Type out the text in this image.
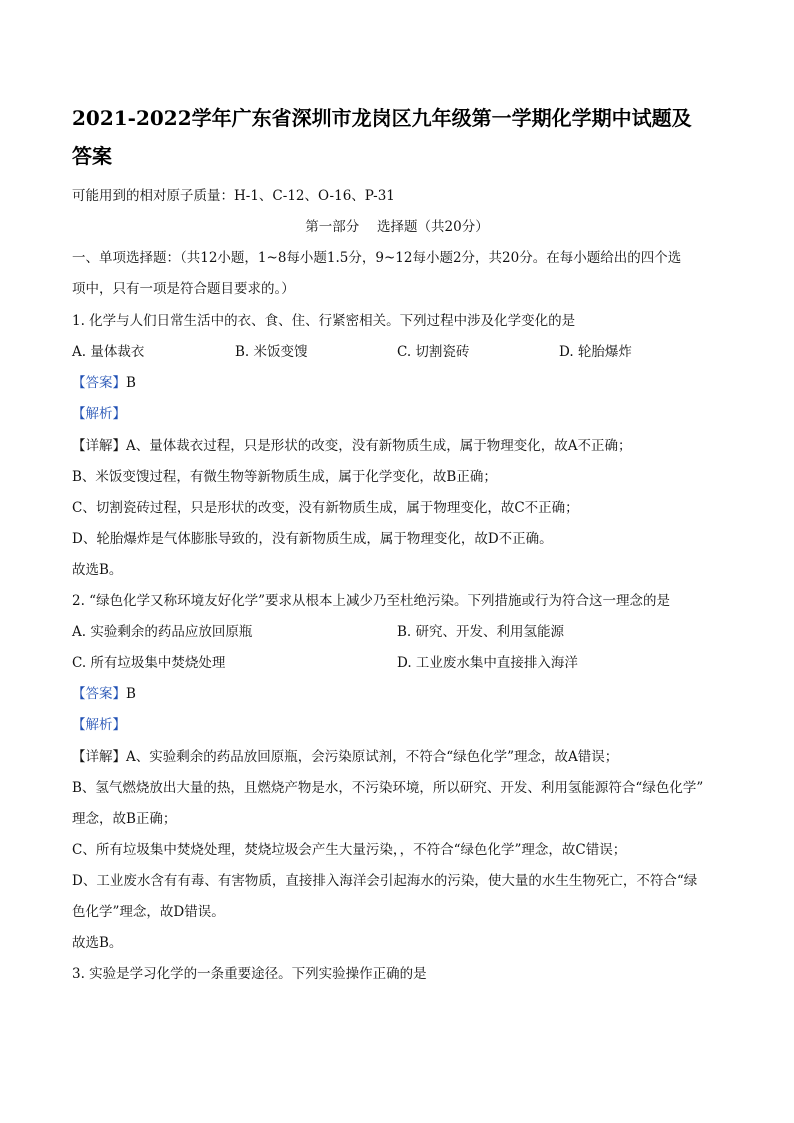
2021-2022学年广东省深圳市龙岗区九年级第一学期化学期中试题及
答案
可能用到的相对原子质量：H-1、C-12、O-16、P-31
第一部分　 选择题（共20分）
一、单项选择题：（共12小题，1~8每小题1.5分，9~12每小题2分，共20分。在每小题给出的四个选
项中，只有一项是符合题目要求的。）
1. 化学与人们日常生活中的衣、食、住、行紧密相关。下列过程中涉及化学变化的是
A. 量体裁衣	B. 米饭变馊	C. 切割瓷砖	D. 轮胎爆炸
【答案】B
【解析】
【详解】A、量体裁衣过程，只是形状的改变，没有新物质生成，属于物理变化，故A不正确；
B、米饭变馊过程，有微生物等新物质生成，属于化学变化，故B正确；
C、切割瓷砖过程，只是形状的改变，没有新物质生成，属于物理变化，故C不正确；
D、轮胎爆炸是气体膨胀导致的，没有新物质生成，属于物理变化，故D不正确。
故选B。
2. “绿色化学又称环境友好化学”要求从根本上减少乃至杜绝污染。下列措施或行为符合这一理念的是
A. 实验剩余的药品应放回原瓶	B. 研究、开发、利用氢能源
C. 所有垃圾集中焚烧处理	D. 工业废水集中直接排入海洋
【答案】B
【解析】
【详解】A、实验剩余的药品放回原瓶，会污染原试剂，不符合“绿色化学”理念，故A错误；
B、氢气燃烧放出大量的热，且燃烧产物是水，不污染环境，所以研究、开发、利用氢能源符合“绿色化学”
理念，故B正确；
C、所有垃圾集中焚烧处理，焚烧垃圾会产生大量污染，，不符合“绿色化学”理念，故C错误；
D、工业废水含有有毒、有害物质，直接排入海洋会引起海水的污染，使大量的水生生物死亡，不符合“绿
色化学”理念，故D错误。
故选B。
3. 实验是学习化学的一条重要途径。下列实验操作正确的是
